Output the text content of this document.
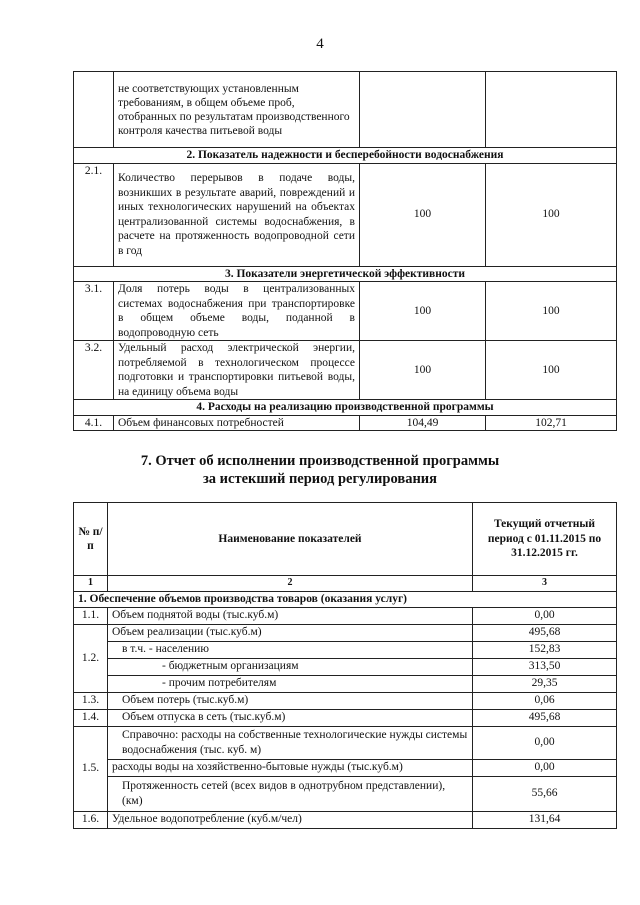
4
	не соответствующих установленным требованиям, в общем объеме проб, отобранных по результатам производственного контроля качества питьевой воды		
2. Показатель надежности и бесперебойности водоснабжения			
2.1.	Количество перерывов в подаче воды, возникших в результате аварий, повреждений и иных технологических нарушений на объектах централизованной системы водоснабжения, в расчете на протяженность водопроводной сети в год	100	100
3. Показатели энергетической эффективности			
3.1.	Доля потерь воды в централизованных системах водоснабжения при транспортировке в общем объеме воды, поданной в водопроводную сеть	100	100
3.2.	Удельный расход электрической энергии, потребляемой в технологическом процессе подготовки и транспортировки питьевой воды, на единицу объема воды	100	100
4. Расходы на реализацию производственной программы			
4.1.	Объем финансовых потребностей	104,49	102,71
7. Отчет об исполнении производственной программы
за истекший период регулирования
№ п/п	Наименование показателей	Текущий отчетный период с 01.11.2015 по 31.12.2015 гг.
1	2	3
1. Обеспечение объемов производства товаров (оказания услуг)		
1.1.	Объем поднятой воды (тыс.куб.м)	0,00
1.2.	Объем реализации (тыс.куб.м)	495,68
	в т.ч. - населению	152,83
	- бюджетным организациям	313,50
	- прочим потребителям	29,35
1.3.	Объем потерь (тыс.куб.м)	0,06
1.4.	Объем отпуска в сеть (тыс.куб.м)	495,68
1.5.	Справочно: расходы на собственные технологические нужды системы водоснабжения (тыс. куб. м)	0,00
	расходы воды на хозяйственно-бытовые нужды (тыс.куб.м)	0,00
	Протяженность сетей (всех видов в однотрубном представлении), (км)	55,66
1.6.	Удельное водопотребление (куб.м/чел)	131,64
